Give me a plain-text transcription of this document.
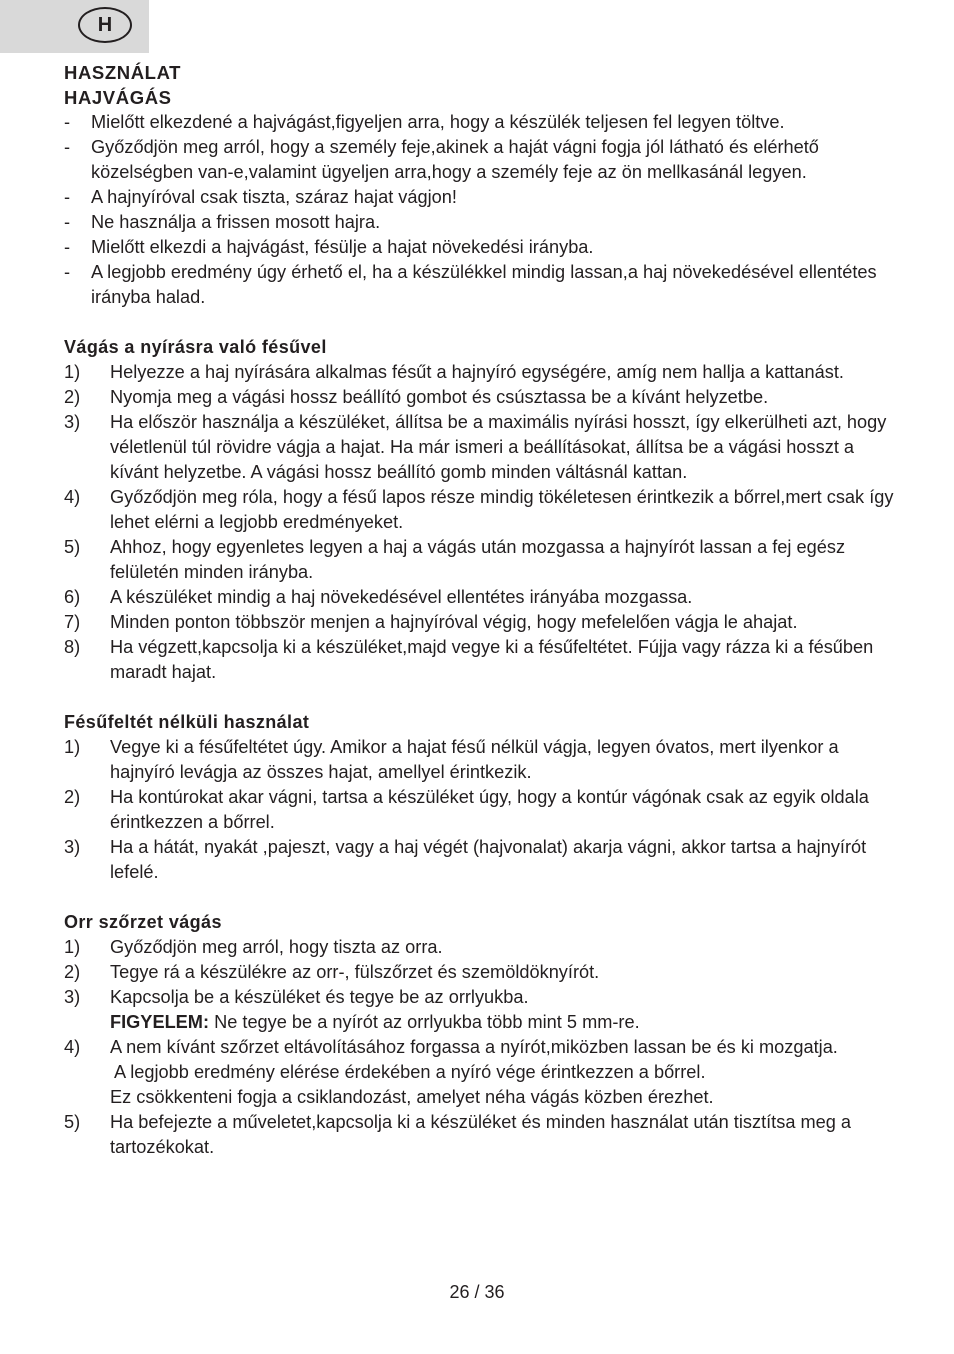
H
HASZNÁLAT
HAJVÁGÁS
-	Mielőtt elkezdené a hajvágást,figyeljen arra, hogy a készülék teljesen fel legyen töltve.
-	Győződjön meg arról, hogy a személy feje,akinek a haját vágni fogja jól látható és elérhető közelségben van-e,valamint ügyeljen arra,hogy a személy feje az ön mellkasánál legyen.
-	A hajnyíróval csak tiszta, száraz hajat vágjon!
-	Ne használja a frissen mosott hajra.
-	Mielőtt elkezdi a hajvágást, fésülje a hajat növekedési irányba.
-	A legjobb eredmény úgy érhető el, ha a készülékkel mindig lassan,a haj növekedésével ellentétes irányba halad.
Vágás a nyírásra való fésűvel
1)	Helyezze a haj nyírására alkalmas fésűt a hajnyíró egységére, amíg nem hallja a kattanást.
2)	Nyomja meg a vágási hossz beállító gombot és csúsztassa be a kívánt helyzetbe.
3)	Ha először használja a készüléket, állítsa be a maximális nyírási hosszt, így elkerülheti azt, hogy véletlenül túl rövidre vágja a hajat. Ha már ismeri a beállításokat, állítsa be a vágási hosszt a kívánt helyzetbe. A vágási hossz beállító gomb minden váltásnál kattan.
4)	Győződjön meg róla, hogy a fésű lapos része mindig tökéletesen érintkezik a bőrrel,mert csak így lehet elérni a legjobb eredményeket.
5)	Ahhoz, hogy egyenletes legyen a haj a vágás után mozgassa a hajnyírót lassan a fej egész felületén minden irányba.
6)	A készüléket mindig a haj növekedésével ellentétes irányába mozgassa.
7)	Minden ponton többször menjen a hajnyíróval végig, hogy mefelelően vágja le ahajat.
8)	Ha végzett,kapcsolja ki a készüléket,majd vegye ki a fésűfeltétet. Fújja vagy rázza ki a fésűben maradt hajat.
Fésűfeltét nélküli használat
1)	Vegye ki a fésűfeltétet úgy. Amikor a hajat fésű nélkül vágja, legyen óvatos, mert ilyenkor a hajnyíró levágja az összes hajat, amellyel érintkezik.
2)	Ha kontúrokat akar vágni, tartsa a készüléket úgy, hogy a kontúr vágónak csak az egyik oldala érintkezzen a bőrrel.
3)	Ha a hátát, nyakát ,pajeszt, vagy a haj végét (hajvonalat) akarja vágni, akkor tartsa a hajnyírót lefelé.
Orr szőrzet vágás
1)	Győződjön meg arról, hogy tiszta az orra.
2)	Tegye rá a készülékre az orr-, fülszőrzet és szemöldöknyírót.
3)	Kapcsolja be a készüléket és tegye be az orrlyukba.
FIGYELEM: Ne tegye be a nyírót az orrlyukba több mint 5 mm-re.
4)	A nem kívánt szőrzet eltávolításához forgassa a nyírót,miközben lassan be és ki mozgatja.
A legjobb eredmény elérése érdekében a nyíró vége érintkezzen a bőrrel.
Ez csökkenteni fogja a csiklandozást, amelyet néha vágás közben érezhet.
5)	Ha befejezte a műveletet,kapcsolja ki a készüléket és minden használat után tisztítsa meg a tartozékokat.
26 / 36
